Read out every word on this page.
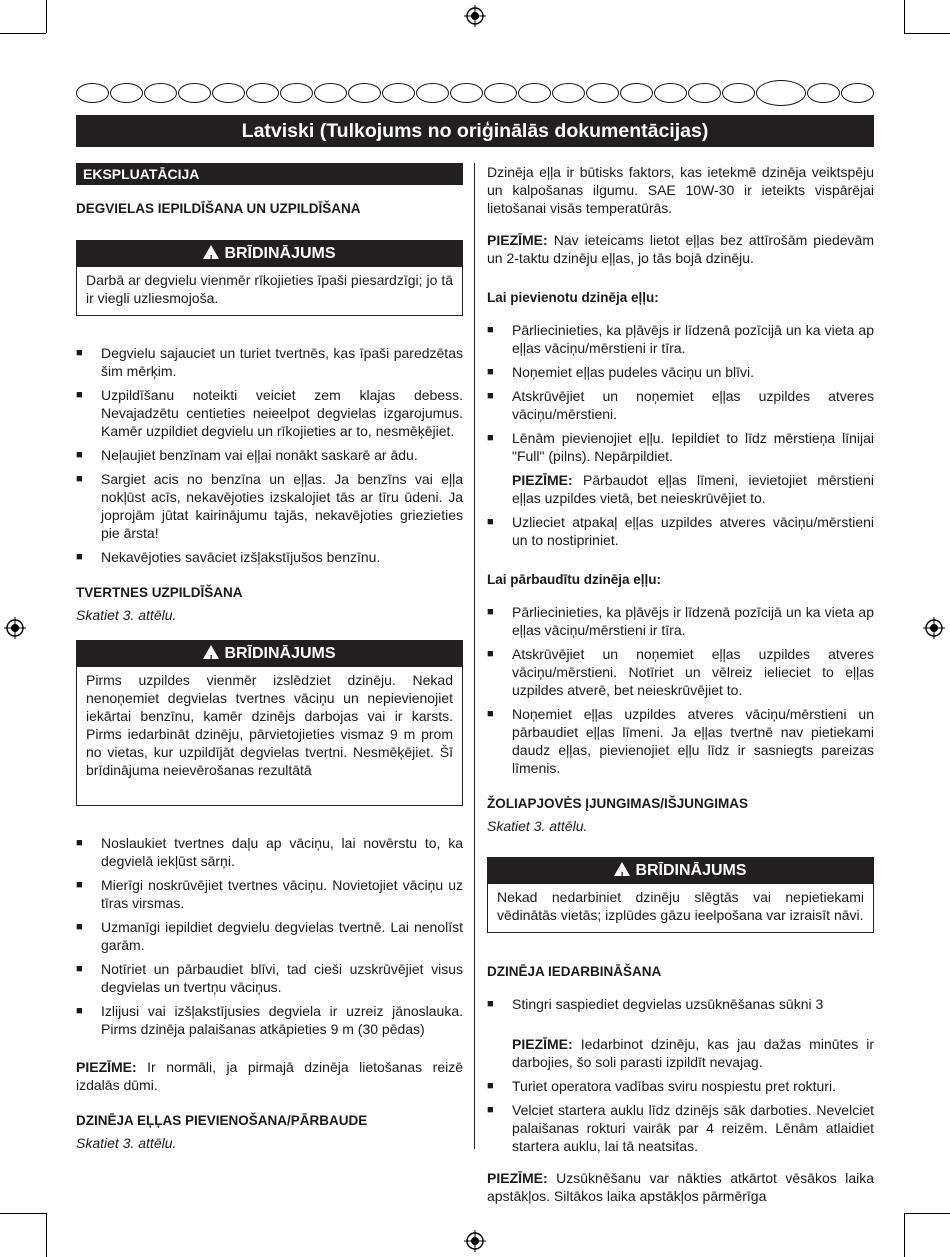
Latviski (Tulkojums no oriģinālās dokumentācijas)
EKSPLUATĀCIJA
DEGVIELAS IEPILDĪŠANA UN UZPILDĪŠANA
!BRĪDINĀJUMS
Darbā ar degvielu vienmēr rīkojieties īpaši piesardzīgi; jo tā ir viegli uzliesmojoša.
■ Degvielu sajauciet un turiet tvertnēs, kas īpaši paredzētas šim mērķim.
■ Uzpildīšanu noteikti veiciet zem klajas debess. Nevajadzētu centieties neieelpot degvielas izgarojumus. Kamēr uzpildiet degvielu un rīkojieties ar to, nesmēķējiet.
■ Neļaujiet benzīnam vai eļļai nonākt saskarē ar ādu.
■ Sargiet acis no benzīna un eļļas. Ja benzīns vai eļļa nokļūst acīs, nekavējoties izskalojiet tās ar tīru ūdeni. Ja joprojām jūtat kairinājumu tajās, nekavējoties griezieties pie ārsta!
■ Nekavējoties savāciet izšļakstījušos benzīnu.
TVERTNES UZPILDĪŠANA
Skatiet 3. attēlu.
!BRĪDINĀJUMS
Pirms uzpildes vienmēr izslēdziet dzinēju. Nekad nenoņemiet degvielas tvertnes vāciņu un nepievienojiet iekārtai benzīnu, kamēr dzinējs darbojas vai ir karsts. Pirms iedarbināt dzinēju, pārvietojieties vismaz 9 m prom no vietas, kur uzpildījāt degvielas tvertni. Nesmēķējiet. Šī brīdinājuma neievērošanas rezultātā
■ Noslaukiet tvertnes daļu ap vāciņu, lai novērstu to, ka degvielā iekļūst sārņi.
■ Mierīgi noskrūvējiet tvertnes vāciņu. Novietojiet vāciņu uz tīras virsmas.
■ Uzmanīgi iepildiet degvielu degvielas tvertnē. Lai nenolīst garām.
■ Notīriet un pārbaudiet blīvi, tad cieši uzskrūvējiet visus degvielas un tvertņu vāciņus.
■ Izlijusi vai izšļakstījusies degviela ir uzreiz jānoslauka. Pirms dzinēja palaišanas atkāpieties 9 m (30 pēdas)
PIEZĪME: Ir normāli, ja pirmajā dzinēja lietošanas reizē izdalās dūmi.
DZINĒJA EĻĻAS PIEVIENOŠANA/PĀRBAUDE
Skatiet 3. attēlu.
Dzinēja eļļa ir būtisks faktors, kas ietekmē dzinēja veiktspēju un kalpošanas ilgumu. SAE 10W-30 ir ieteikts vispārējai lietošanai visās temperatūrās.
PIEZĪME: Nav ieteicams lietot eļļas bez attīrošām piedevām un 2-taktu dzinēju eļļas, jo tās bojā dzinēju.
Lai pievienotu dzinēja eļļu:
■ Pārliecinieties, ka pļāvējs ir līdzenā pozīcijā un ka vieta ap eļļas vāciņu/mērstieni ir tīra.
■ Noņemiet eļļas pudeles vāciņu un blīvi.
■ Atskrūvējiet un noņemiet eļļas uzpildes atveres vāciņu/mērstieni.
■ Lēnām pievienojiet eļļu. Iepildiet to līdz mērstieņa līnijai "Full" (pilns). Nepārpildiet.
PIEZĪME: Pārbaudot eļļas līmeni, ievietojiet mērstieni eļļas uzpildes vietā, bet neieskrūvējiet to.
■ Uzlieciet atpakaļ eļļas uzpildes atveres vāciņu/mērstieni un to nostipriniet.
Lai pārbaudītu dzinēja eļļu:
■ Pārliecinieties, ka pļāvējs ir līdzenā pozīcijā un ka vieta ap eļļas vāciņu/mērstieni ir tīra.
■ Atskrūvējiet un noņemiet eļļas uzpildes atveres vāciņu/mērstieni. Notīriet un vēlreiz ielieciet to eļļas uzpildes atverē, bet neieskrūvējiet to.
■ Noņemiet eļļas uzpildes atveres vāciņu/mērstieni un pārbaudiet eļļas līmeni. Ja eļļas tvertnē nav pietiekami daudz eļļas, pievienojiet eļļu līdz ir sasniegts pareizas līmenis.
ŽOLIAPJOVĖS ĮJUNGIMAS/IŠJUNGIMAS
Skatiet 3. attēlu.
!BRĪDINĀJUMS
Nekad nedarbiniet dzinēju slēgtās vai nepietiekami vēdinātās vietās; izplūdes gāzu ieelpošana var izraisīt nāvi.
DZINĒJA IEDARBINĀŠANA
■ Stingri saspiediet degvielas uzsūknēšanas sūkni 3
PIEZĪME: Iedarbinot dzinēju, kas jau dažas minūtes ir darbojies, šo soli parasti izpildīt nevajag.
■ Turiet operatora vadības sviru nospiestu pret rokturi.
■ Velciet startera auklu līdz dzinējs sāk darboties. Nevelciet palaišanas rokturi vairāk par 4 reizēm. Lēnām atlaidiet startera auklu, lai tā neatsitas.
PIEZĪME: Uzsūknēšanu var nākties atkārtot vēsākos laika apstākļos. Siltākos laika apstākļos pārmērīga
